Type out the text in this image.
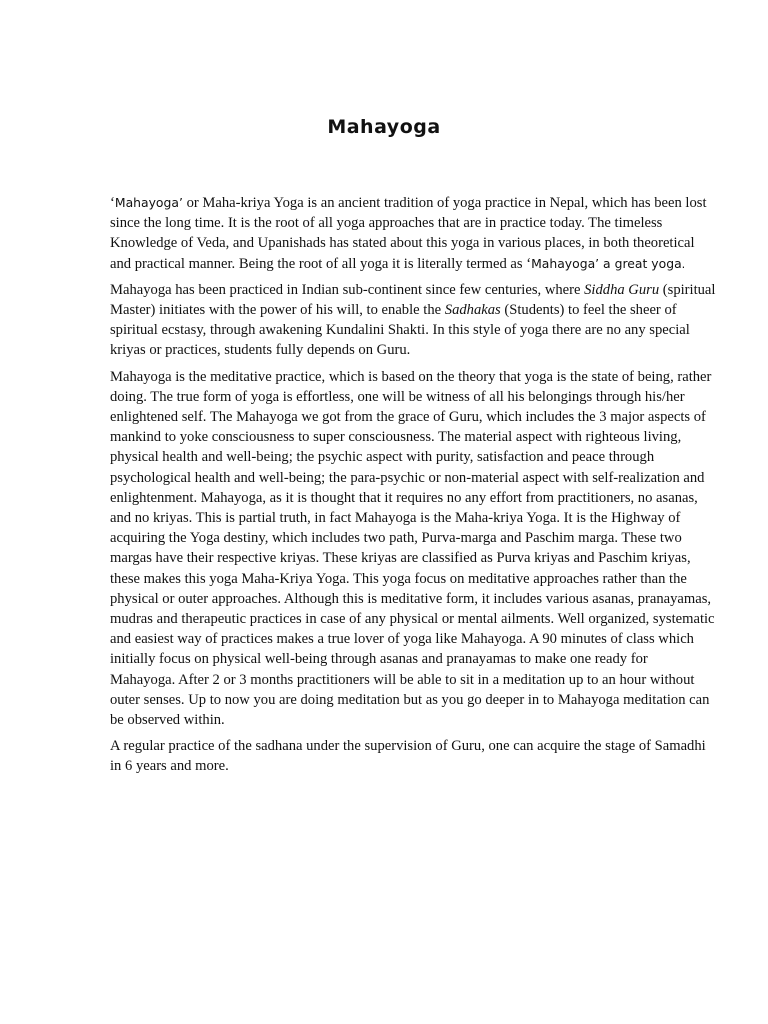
Mahayoga

‘Mahayoga’ or Maha-kriya Yoga is an ancient tradition of yoga practice in Nepal, which has been lost since the long time. It is the root of all yoga approaches that are in practice today. The timeless Knowledge of Veda, and Upanishads has stated about this yoga in various places, in both theoretical and practical manner. Being the root of all yoga it is literally termed as ‘Mahayoga’ a great yoga.

Mahayoga has been practiced in Indian sub-continent since few centuries, where Siddha Guru (spiritual Master) initiates with the power of his will, to enable the Sadhakas (Students) to feel the sheer of spiritual ecstasy, through awakening Kundalini Shakti. In this style of yoga there are no any special kriyas or practices, students fully depends on Guru.

Mahayoga is the meditative practice, which is based on the theory that yoga is the state of being, rather doing. The true form of yoga is effortless, one will be witness of all his belongings through his/her enlightened self. The Mahayoga we got from the grace of Guru, which includes the 3 major aspects of mankind to yoke consciousness to super consciousness. The material aspect with righteous living, physical health and well-being; the psychic aspect with purity, satisfaction and peace through psychological health and well-being; the para-psychic or non-material aspect with self-realization and enlightenment. Mahayoga, as it is thought that it requires no any effort from practitioners, no asanas, and no kriyas. This is partial truth, in fact Mahayoga is the Maha-kriya Yoga. It is the Highway of acquiring the Yoga destiny, which includes two path, Purva-marga and Paschim marga. These two margas have their respective kriyas. These kriyas are classified as Purva kriyas and Paschim kriyas, these makes this yoga Maha-Kriya Yoga. This yoga focus on meditative approaches rather than the physical or outer approaches. Although this is meditative form, it includes various asanas, pranayamas, mudras and therapeutic practices in case of any physical or mental ailments. Well organized, systematic and easiest way of practices makes a true lover of yoga like Mahayoga. A 90 minutes of class which initially focus on physical well-being through asanas and pranayamas to make one ready for Mahayoga. After 2 or 3 months practitioners will be able to sit in a meditation up to an hour without outer senses. Up to now you are doing meditation but as you go deeper in to Mahayoga meditation can be observed within.

A regular practice of the sadhana under the supervision of Guru, one can acquire the stage of Samadhi in 6 years and more.
